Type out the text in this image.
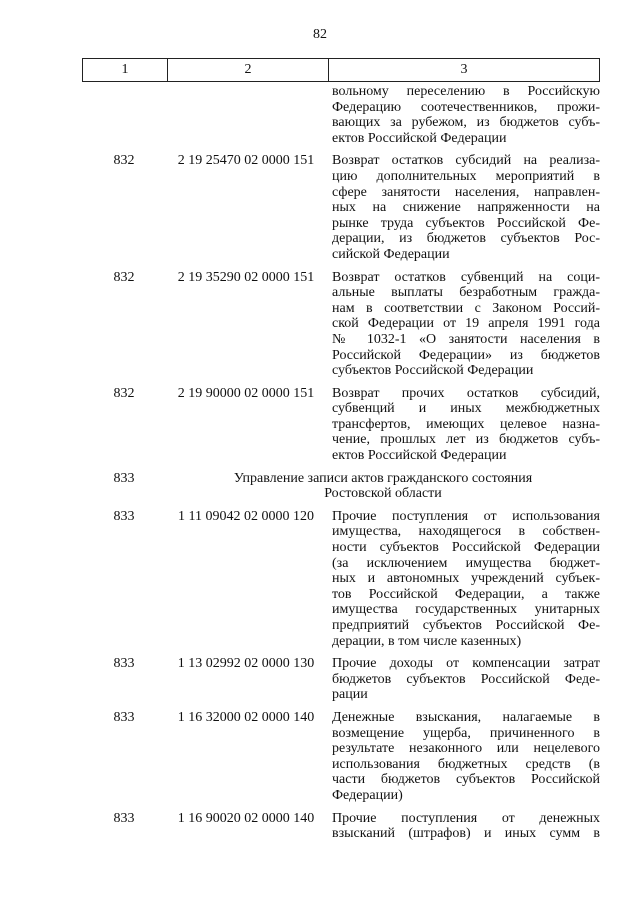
82
1	2	3
вольному переселению в Российскую
Федерацию соотечественников, прожи-
вающих за рубежом, из бюджетов субъ-
ектов Российской Федерации
832	2 19 25470 02 0000 151	Возврат остатков субсидий на реализа-
цию дополнительных мероприятий в
сфере занятости населения, направлен-
ных на снижение напряженности на
рынке труда субъектов Российской Фе-
дерации, из бюджетов субъектов Рос-
сийской Федерации
832	2 19 35290 02 0000 151	Возврат остатков субвенций на соци-
альные выплаты безработным гражда-
нам в соответствии с Законом Россий-
ской Федерации от 19 апреля 1991 года
№ 1032-1 «О занятости населения в
Российской Федерации» из бюджетов
субъектов Российской Федерации
832	2 19 90000 02 0000 151	Возврат прочих остатков субсидий,
субвенций и иных межбюджетных
трансфертов, имеющих целевое назна-
чение, прошлых лет из бюджетов субъ-
ектов Российской Федерации
833	Управление записи актов гражданского состояния
Ростовской области
833	1 11 09042 02 0000 120	Прочие поступления от использования
имущества, находящегося в собствен-
ности субъектов Российской Федерации
(за исключением имущества бюджет-
ных и автономных учреждений субъек-
тов Российской Федерации, а также
имущества государственных унитарных
предприятий субъектов Российской Фе-
дерации, в том числе казенных)
833	1 13 02992 02 0000 130	Прочие доходы от компенсации затрат
бюджетов субъектов Российской Феде-
рации
833	1 16 32000 02 0000 140	Денежные взыскания, налагаемые в
возмещение ущерба, причиненного в
результате незаконного или нецелевого
использования бюджетных средств (в
части бюджетов субъектов Российской
Федерации)
833	1 16 90020 02 0000 140	Прочие поступления от денежных
взысканий (штрафов) и иных сумм в
